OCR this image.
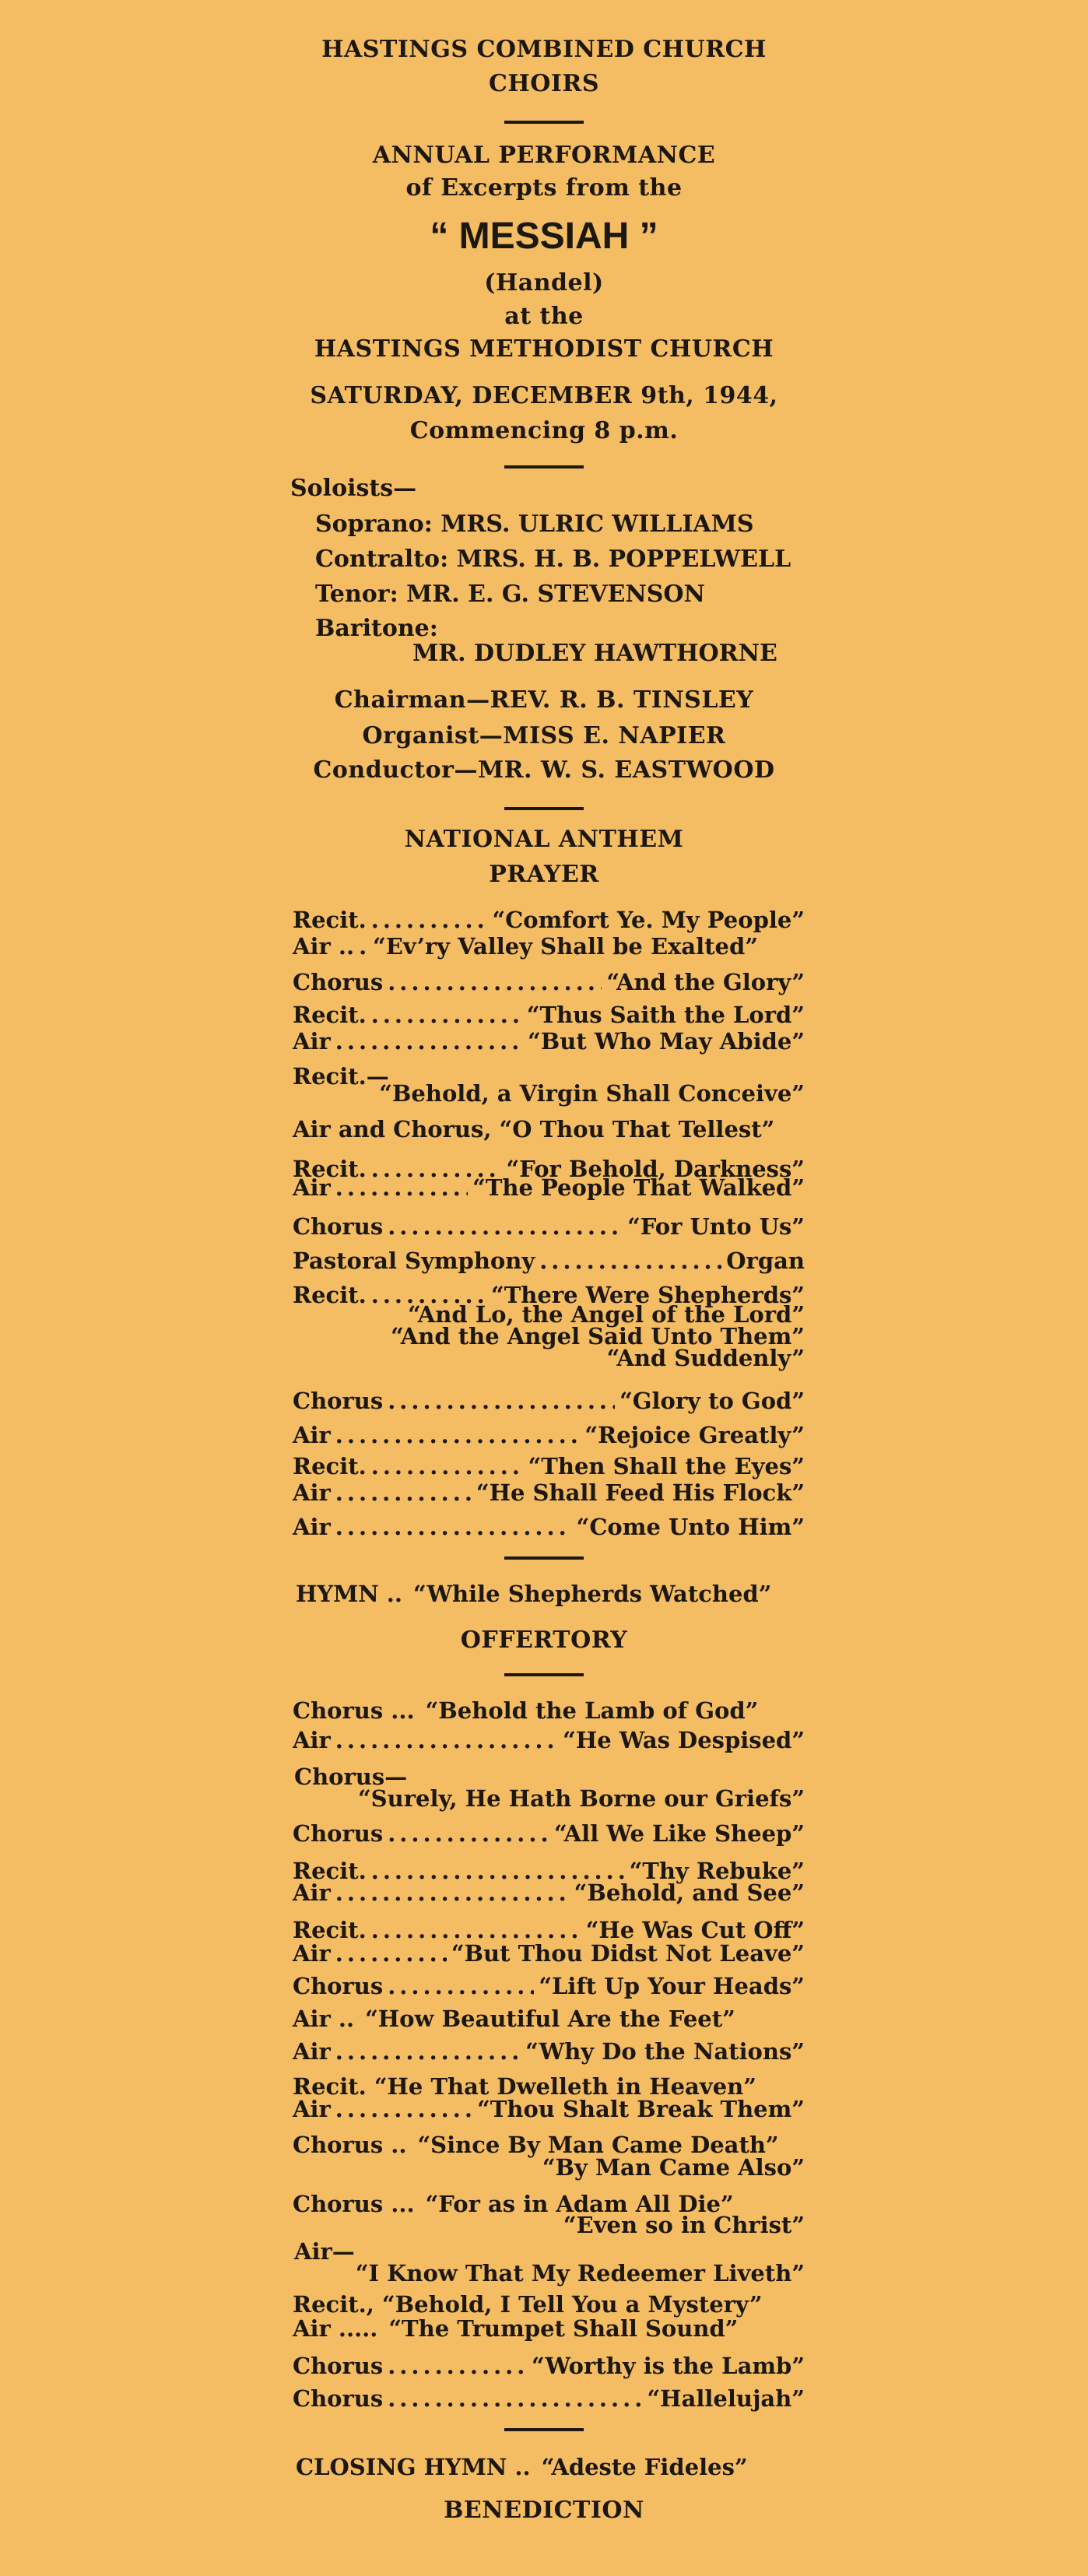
HASTINGS COMBINED CHURCH
CHOIRS
ANNUAL PERFORMANCE
of Excerpts from the
“ MESSIAH ”
(Handel)
at the
HASTINGS METHODIST CHURCH
SATURDAY, DECEMBER 9th, 1944,
Commencing 8 p.m.
Soloists—
Soprano: MRS. ULRIC WILLIAMS
Contralto: MRS. H. B. POPPELWELL
Tenor: MR. E. G. STEVENSON
Baritone:
MR. DUDLEY HAWTHORNE
Chairman—REV. R. B. TINSLEY
Organist—MISS E. NAPIER
Conductor—MR. W. S. EASTWOOD
NATIONAL ANTHEM
PRAYER
Recit. .....	“Comfort Ye. My People”
Air .. ..... “Ev’ry Valley Shall be Exalted”
Chorus .....	“And the Glory”
Recit. .....	“Thus Saith the Lord”
Air .....	“But Who May Abide”
Recit.—
“Behold, a Virgin Shall Conceive”
Air and Chorus, “O Thou That Tellest”
Recit. .....	“For Behold, Darkness”
Air .....	“The People That Walked”
Chorus .....	“For Unto Us”
Pastoral Symphony .....	Organ
Recit. .....	“There Were Shepherds”
“And Lo, the Angel of the Lord”
“And the Angel Said Unto Them”
“And Suddenly”
Chorus .....	“Glory to God”
Air .....	“Rejoice Greatly”
Recit. .....	“Then Shall the Eyes”
Air .....	“He Shall Feed His Flock”
Air .....	“Come Unto Him”
HYMN .. “While Shepherds Watched”
OFFERTORY
Chorus ... “Behold the Lamb of God”
Air .....	“He Was Despised”
Chorus—
“Surely, He Hath Borne our Griefs”
Chorus .....	“All We Like Sheep”
Recit. .....	“Thy Rebuke”
Air .....	“Behold, and See”
Recit. .....	“He Was Cut Off”
Air .....	“But Thou Didst Not Leave”
Chorus .....	“Lift Up Your Heads”
Air .. “How Beautiful Are the Feet”
Air .....	“Why Do the Nations”
Recit. “He That Dwelleth in Heaven”
Air .....	“Thou Shalt Break Them”
Chorus .. “Since By Man Came Death”
“By Man Came Also”
Chorus ... “For as in Adam All Die”
“Even so in Christ”
Air—
“I Know That My Redeemer Liveth”
Recit., “Behold, I Tell You a Mystery”
Air ..... “The Trumpet Shall Sound”
Chorus .....	“Worthy is the Lamb”
Chorus .....	“Hallelujah”
CLOSING HYMN .. “Adeste Fideles”
BENEDICTION
